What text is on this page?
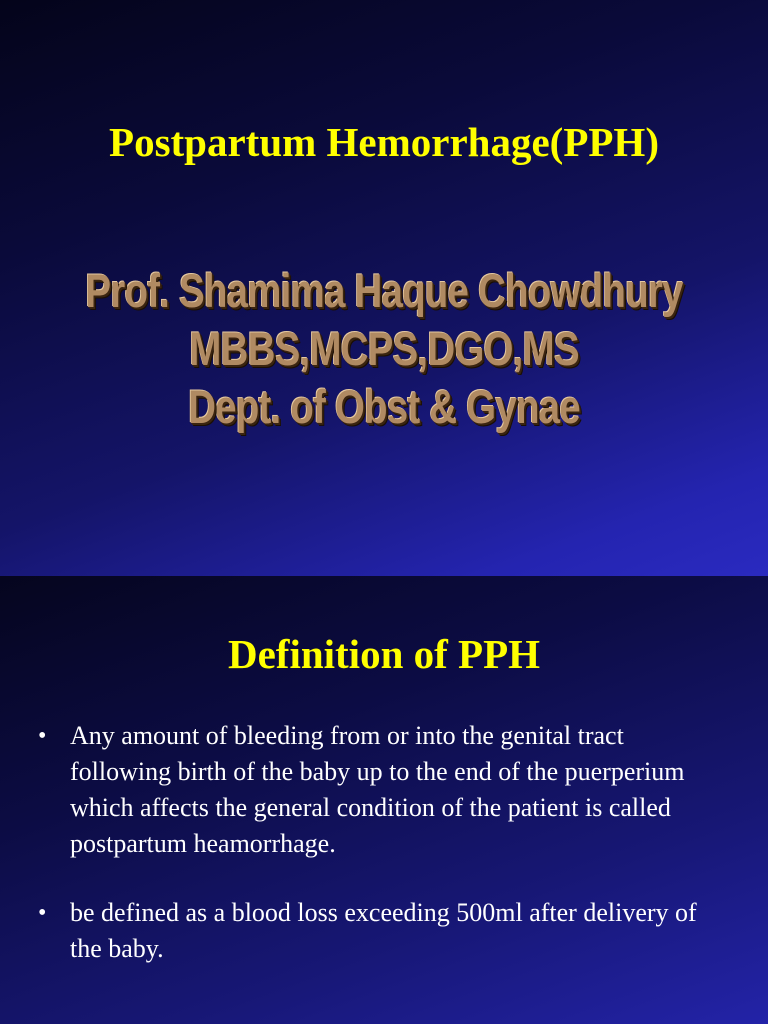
Postpartum Hemorrhage(PPH)
Prof. Shamima Haque Chowdhury
MBBS,MCPS,DGO,MS
Dept. of Obst & Gynae
Definition of PPH
• Any amount of bleeding from or into the genital tract following birth of the baby up to the end of the puerperium which affects the general condition of the patient is called postpartum heamorrhage.
• be defined as a blood loss exceeding 500ml after delivery of the baby.
